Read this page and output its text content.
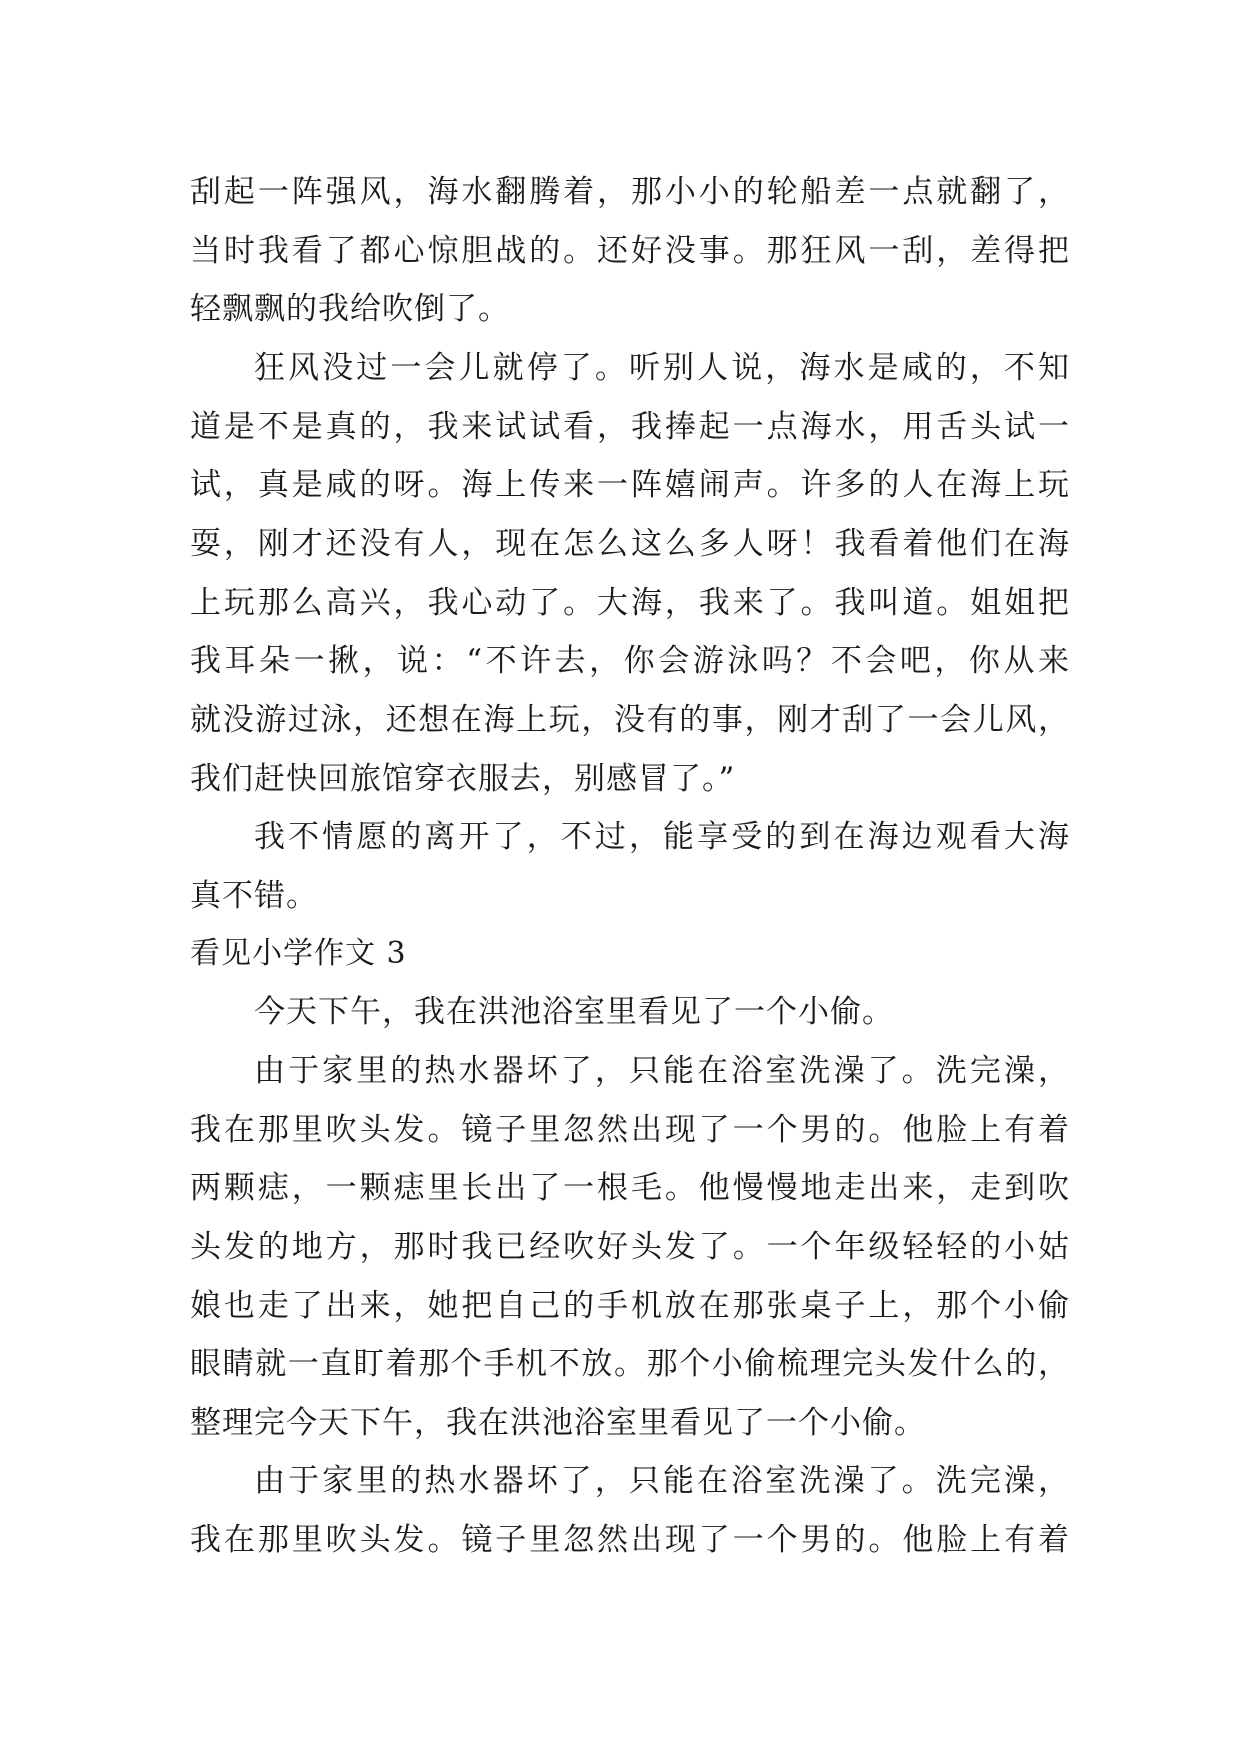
刮起一阵强风，海水翻腾着，那小小的轮船差一点就翻了，
当时我看了都心惊胆战的。还好没事。那狂风一刮，差得把
轻飘飘的我给吹倒了。
狂风没过一会儿就停了。听别人说，海水是咸的，不知
道是不是真的，我来试试看，我捧起一点海水，用舌头试一
试，真是咸的呀。海上传来一阵嬉闹声。许多的人在海上玩
耍，刚才还没有人，现在怎么这么多人呀！我看着他们在海
上玩那么高兴，我心动了。大海，我来了。我叫道。姐姐把
我耳朵一揪，说：“不许去，你会游泳吗？不会吧，你从来
就没游过泳，还想在海上玩，没有的事，刚才刮了一会儿风，
我们赶快回旅馆穿衣服去，别感冒了。”
我不情愿的离开了，不过，能享受的到在海边观看大海
真不错。
看见小学作文 3
今天下午，我在洪池浴室里看见了一个小偷。
由于家里的热水器坏了，只能在浴室洗澡了。洗完澡，
我在那里吹头发。镜子里忽然出现了一个男的。他脸上有着
两颗痣，一颗痣里长出了一根毛。他慢慢地走出来，走到吹
头发的地方，那时我已经吹好头发了。一个年级轻轻的小姑
娘也走了出来，她把自己的手机放在那张桌子上，那个小偷
眼睛就一直盯着那个手机不放。那个小偷梳理完头发什么的，
整理完今天下午，我在洪池浴室里看见了一个小偷。
由于家里的热水器坏了，只能在浴室洗澡了。洗完澡，
我在那里吹头发。镜子里忽然出现了一个男的。他脸上有着
